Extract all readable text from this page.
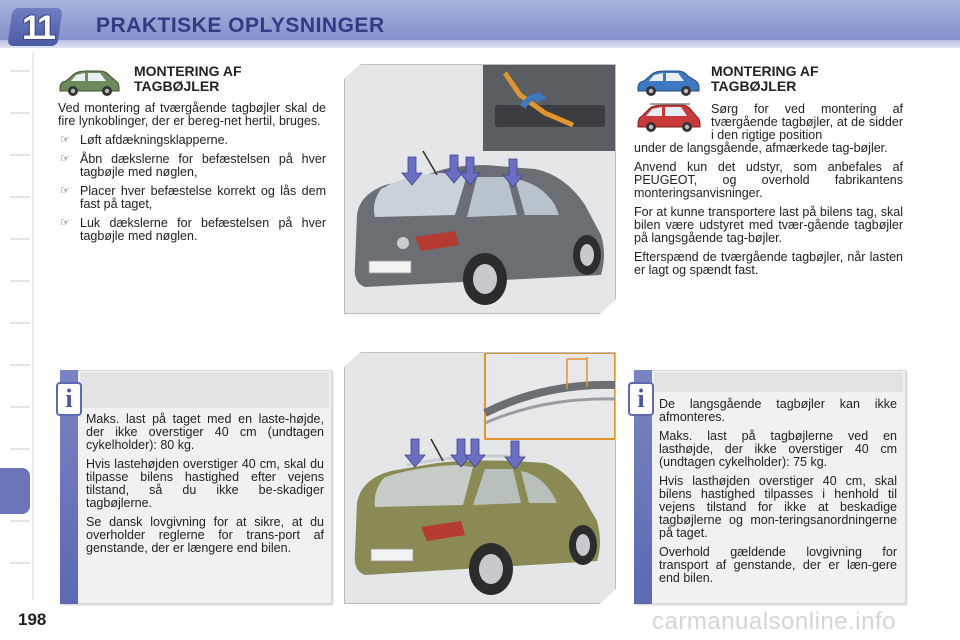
11 PRAKTISKE OPLYSNINGER
198
MONTERING AF TAGBØJLER

Ved montering af tværgående tagbøjler skal de fire lynkoblinger, der er bereg-net hertil, bruges.

☞ Løft afdækningsklapperne.
☞ Åbn dækslerne for befæstelsen på hver tagbøjle med nøglen,
☞ Placer hver befæstelse korrekt og lås dem fast på taget,
☞ Luk dækslerne for befæstelsen på hver tagbøjle med nøglen.
MONTERING AF TAGBØJLER

Sørg for ved montering af tværgående tagbøjler, at de sidder i den rigtige position

under de langsgående, afmærkede tag-bøjler.

Anvend kun det udstyr, som anbefales af PEUGEOT, og overhold fabrikantens monteringsanvisninger.

For at kunne transportere last på bilens tag, skal bilen være udstyret med tvær-gående tagbøjler på langsgående tag-bøjler.

Efterspænd de tværgående tagbøjler, når lasten er lagt og spændt fast.

i

Maks. last på taget med en laste-højde, der ikke overstiger 40 cm (undtagen cykelholder): 80 kg.

Hvis lastehøjden overstiger 40 cm, skal du tilpasse bilens hastighed efter vejens tilstand, så du ikke be-skadiger tagbøjlerne.

Se dansk lovgivning for at sikre, at du overholder reglerne for trans-port af genstande, der er længere end bilen.

i	De langsgående tagbøjler kan ikke afmonteres.

Maks. last på tagbøjlerne ved en lasthøjde, der ikke overstiger 40 cm (undtagen cykelholder): 75 kg.

Hvis lasthøjden overstiger 40 cm, skal bilens hastighed tilpasses i henhold til vejens tilstand for ikke at beskadige tagbøjlerne og mon-teringsanordningerne på taget.

Overhold gældende lovgivning for transport af genstande, der er læn-gere end bilen.

carmanualsonline.info
